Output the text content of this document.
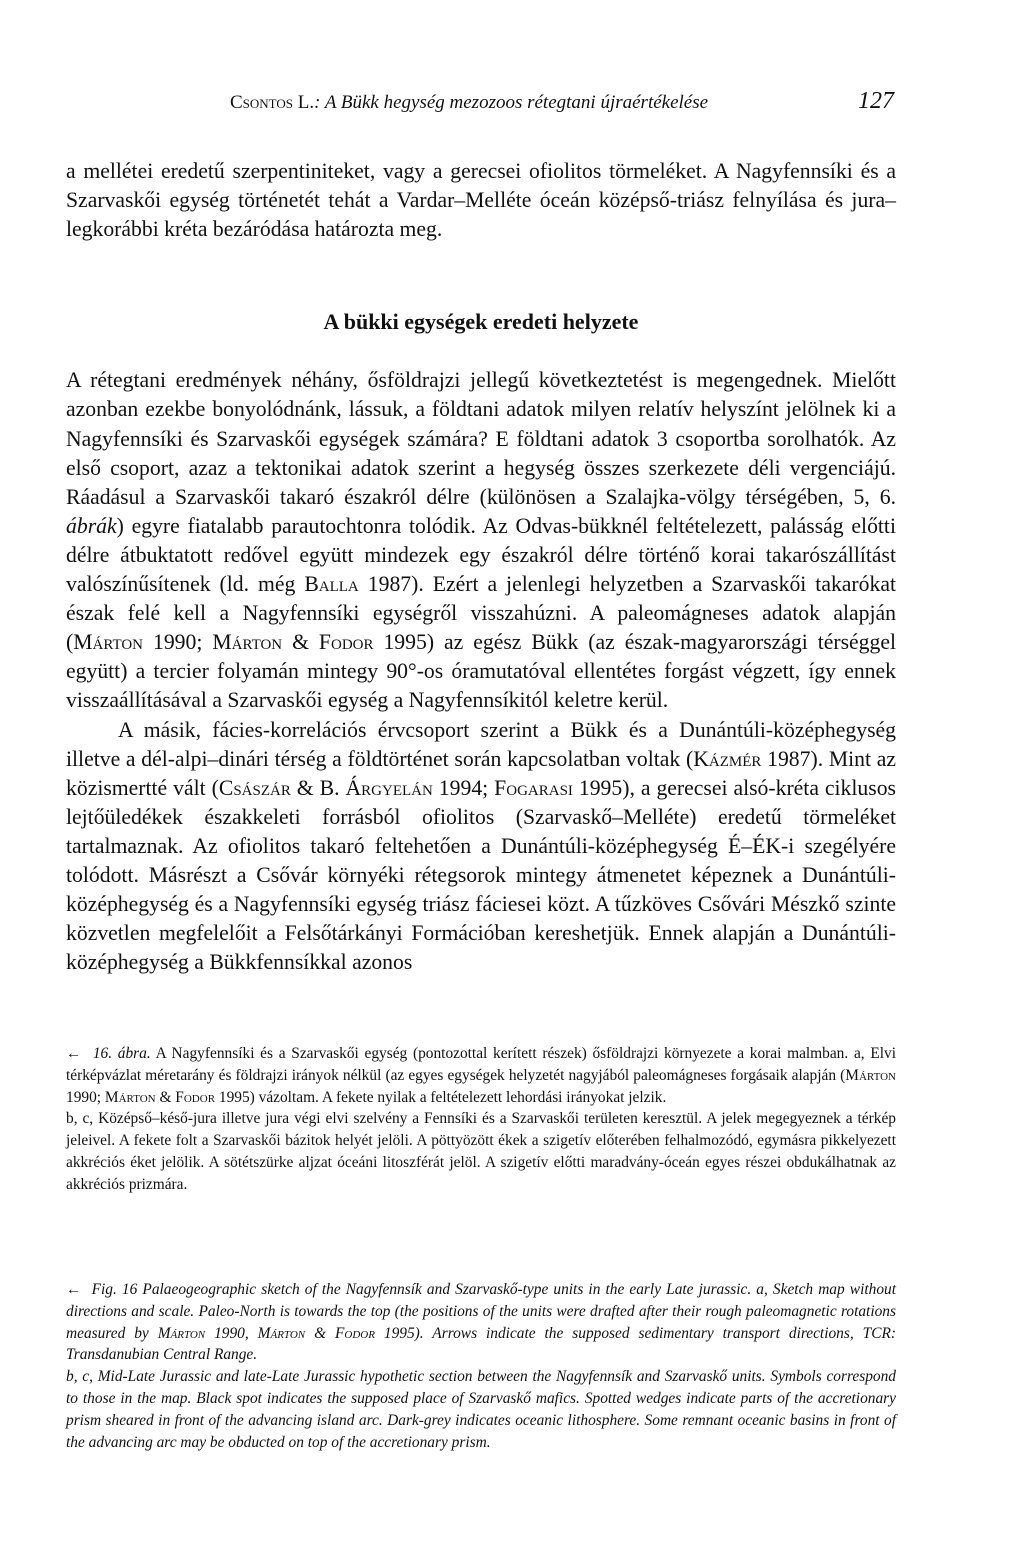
Csontos L.: A Bükk hegység mezozoos rétegtani újraértékelése	127

a mellétei eredetű szerpentiniteket, vagy a gerecsei ofiolitos törmeléket. A Nagyfennsíki és a Szarvaskői egység történetét tehát a Vardar–Melléte óceán középső-triász felnyílása és jura–legkorábbi kréta bezáródása határozta meg.

A bükki egységek eredeti helyzete

A rétegtani eredmények néhány, ősföldrajzi jellegű következtetést is megengednek. Mielőtt azonban ezekbe bonyolódnánk, lássuk, a földtani adatok milyen relatív helyszínt jelölnek ki a Nagyfennsíki és Szarvaskői egységek számára? E földtani adatok 3 csoportba sorolhatók. Az első csoport, azaz a tektonikai adatok szerint a hegység összes szerkezete déli vergenciájú. Ráadásul a Szarvaskői takaró északról délre (különösen a Szalajka-völgy térségében, 5, 6. ábrák) egyre fiatalabb parautochtonra tolódik. Az Odvas-bükknél feltételezett, palásság előtti délre átbuktatott redővel együtt mindezek egy északról délre történő korai takarószállítást valószínűsítenek (ld. még Balla 1987). Ezért a jelenlegi helyzetben a Szarvaskői takarókat észak felé kell a Nagyfennsíki egységről visszahúzni. A paleomágneses adatok alapján (Márton 1990; Márton & Fodor 1995) az egész Bükk (az észak-magyarországi térséggel együtt) a tercier folyamán mintegy 90°-os óramutatóval ellentétes forgást végzett, így ennek visszaállításával a Szarvaskői egység a Nagyfennsíkitól keletre kerül.

A másik, fácies-korrelációs érvcsoport szerint a Bükk és a Dunántúli-középhegység illetve a dél-alpi–dinári térség a földtörténet során kapcsolatban voltak (Kázmér 1987). Mint az közismertté vált (Császár & B. Árgyelán 1994; Fogarasi 1995), a gerecsei alsó-kréta ciklusos lejtőüledékek északkeleti forrásból ofiolitos (Szarvaskő–Melléte) eredetű törmeléket tartalmaznak. Az ofiolitos takaró feltehetően a Dunántúli-középhegység É–ÉK-i szegélyére tolódott. Másrészt a Csővár környéki rétegsorok mintegy átmenetet képeznek a Dunántúli-középhegység és a Nagyfennsíki egység triász fáciesei közt. A tűzköves Csővári Mészkő szinte közvetlen megfelelőit a Felsőtárkányi Formációban kereshetjük. Ennek alapján a Dunántúli-középhegység a Bükkfennsíkkal azonos

← 16. ábra. A Nagyfennsíki és a Szarvaskői egység (pontozottal kerített részek) ősföldrajzi környezete a korai malmban. a, Elvi térképvázlat méretarány és földrajzi irányok nélkül (az egyes egységek helyzetét nagyjából paleomágneses forgásaik alapján (Márton 1990; Márton & Fodor 1995) vázoltam. A fekete nyilak a feltételezett lehordási irányokat jelzik.

b, c, Középső–késő-jura illetve jura végi elvi szelvény a Fennsíki és a Szarvaskői területen keresztül. A jelek megegyeznek a térkép jeleivel. A fekete folt a Szarvaskői bázitok helyét jelöli. A pöttyözött ékek a szigetív előterében felhalmozódó, egymásra pikkelyezett akkréciós éket jelölik. A sötétszürke aljzat óceáni litoszférát jelöl. A szigetív előtti maradvány-óceán egyes részei obdukálhatnak az akkréciós prizmára.

←  Fig. 16 Palaeogeographic sketch of the Nagyfennsík and Szarvaskő-type units in the early Late jurassic. a, Sketch map without directions and scale. Paleo-North is towards the top (the positions of the units were drafted after their rough paleomagnetic rotations measured by Márton 1990, Márton & Fodor 1995). Arrows indicate the supposed sedimentary transport directions, TCR: Transdanubian Central Range.

b, c, Mid-Late Jurassic and late-Late Jurassic hypothetic section between the Nagyfennsík and Szarvaskő units. Symbols correspond to those in the map. Black spot indicates the supposed place of Szarvaskő mafics. Spotted wedges indicate parts of the accretionary prism sheared in front of the advancing island arc. Dark-grey indicates oceanic lithosphere. Some remnant oceanic basins in front of the advancing arc may be obducted on top of the accretionary prism.
